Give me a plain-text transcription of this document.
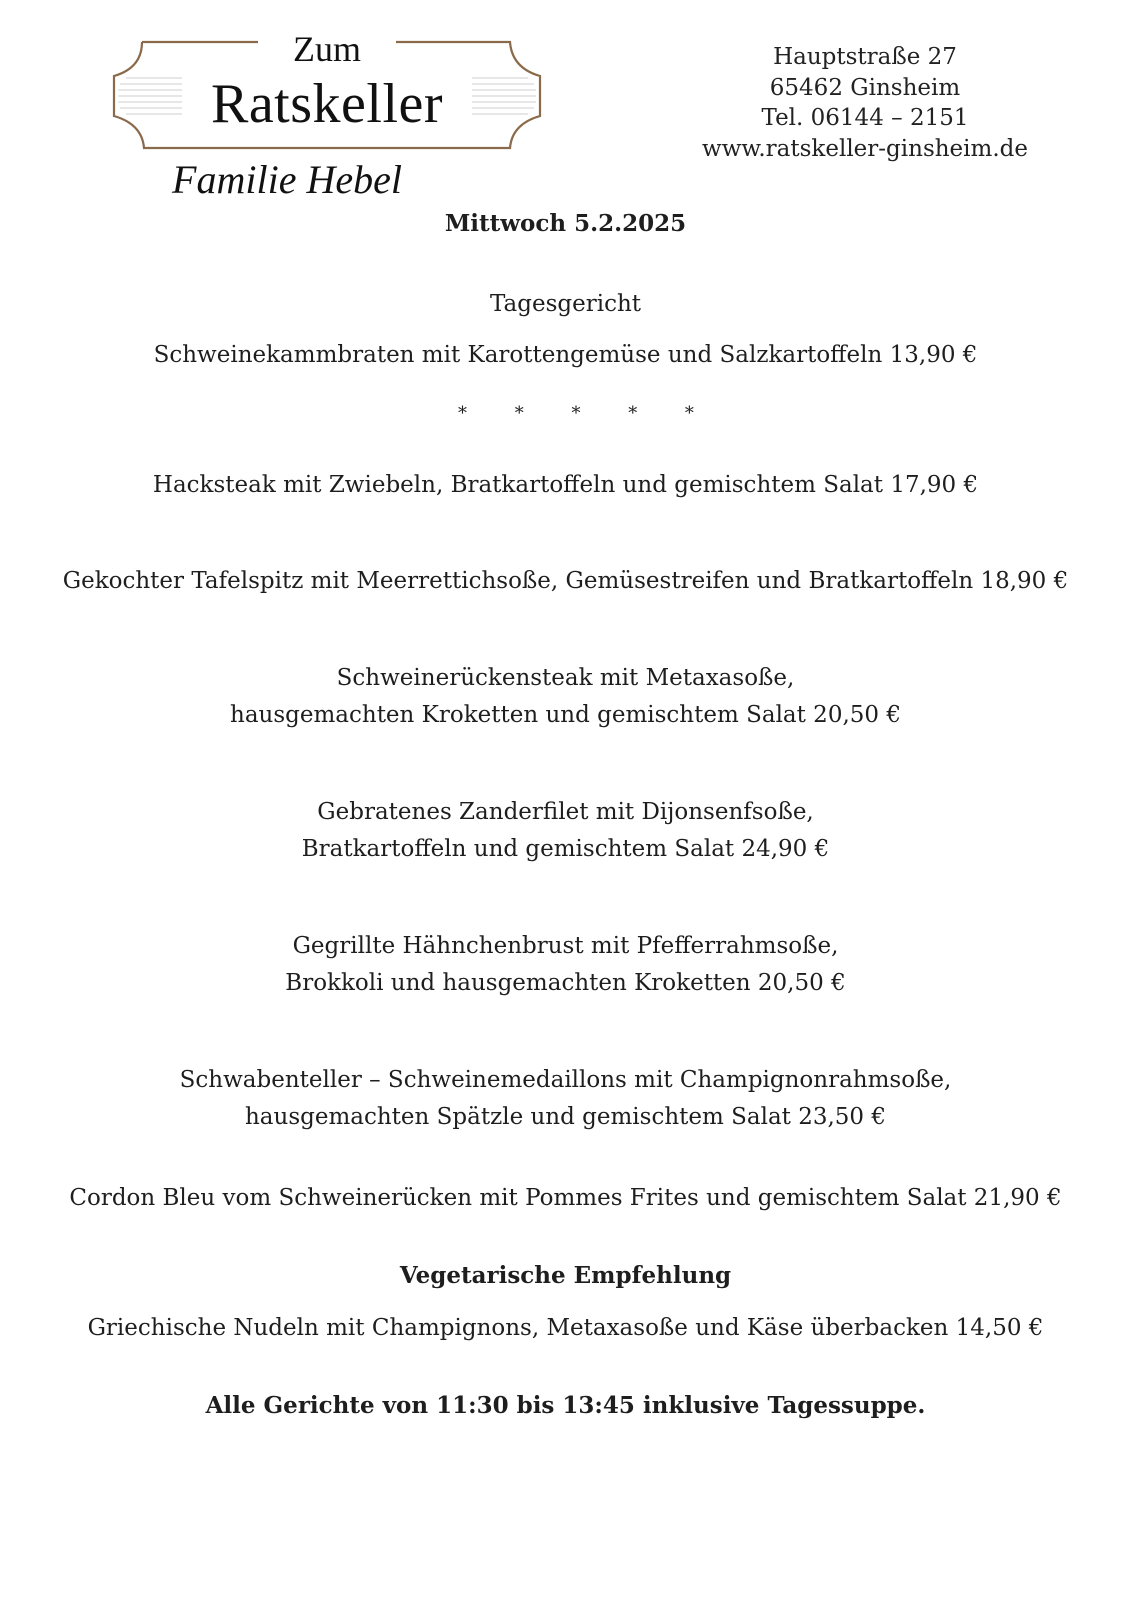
Zum
Ratskeller
Familie Hebel
Hauptstraße 27
65462 Ginsheim
Tel. 06144 – 2151
www.ratskeller-ginsheim.de
Mittwoch 5.2.2025
Tagesgericht
Schweinekammbraten mit Karottengemüse und Salzkartoffeln 13,90 €
* * * * *
Hacksteak mit Zwiebeln, Bratkartoffeln und gemischtem Salat 17,90 €
Gekochter Tafelspitz mit Meerrettichsoße, Gemüsestreifen und Bratkartoffeln 18,90 €
Schweinerückensteak mit Metaxasoße,
hausgemachten Kroketten und gemischtem Salat 20,50 €
Gebratenes Zanderfilet mit Dijonsenfsoße,
Bratkartoffeln und gemischtem Salat 24,90 €
Gegrillte Hähnchenbrust mit Pfefferrahmsoße,
Brokkoli und hausgemachten Kroketten 20,50 €
Schwabenteller – Schweinemedaillons mit Champignonrahmsoße,
hausgemachten Spätzle und gemischtem Salat 23,50 €
Cordon Bleu vom Schweinerücken mit Pommes Frites und gemischtem Salat 21,90 €
Vegetarische Empfehlung
Griechische Nudeln mit Champignons, Metaxasoße und Käse überbacken 14,50 €
Alle Gerichte von 11:30 bis 13:45 inklusive Tagessuppe.
